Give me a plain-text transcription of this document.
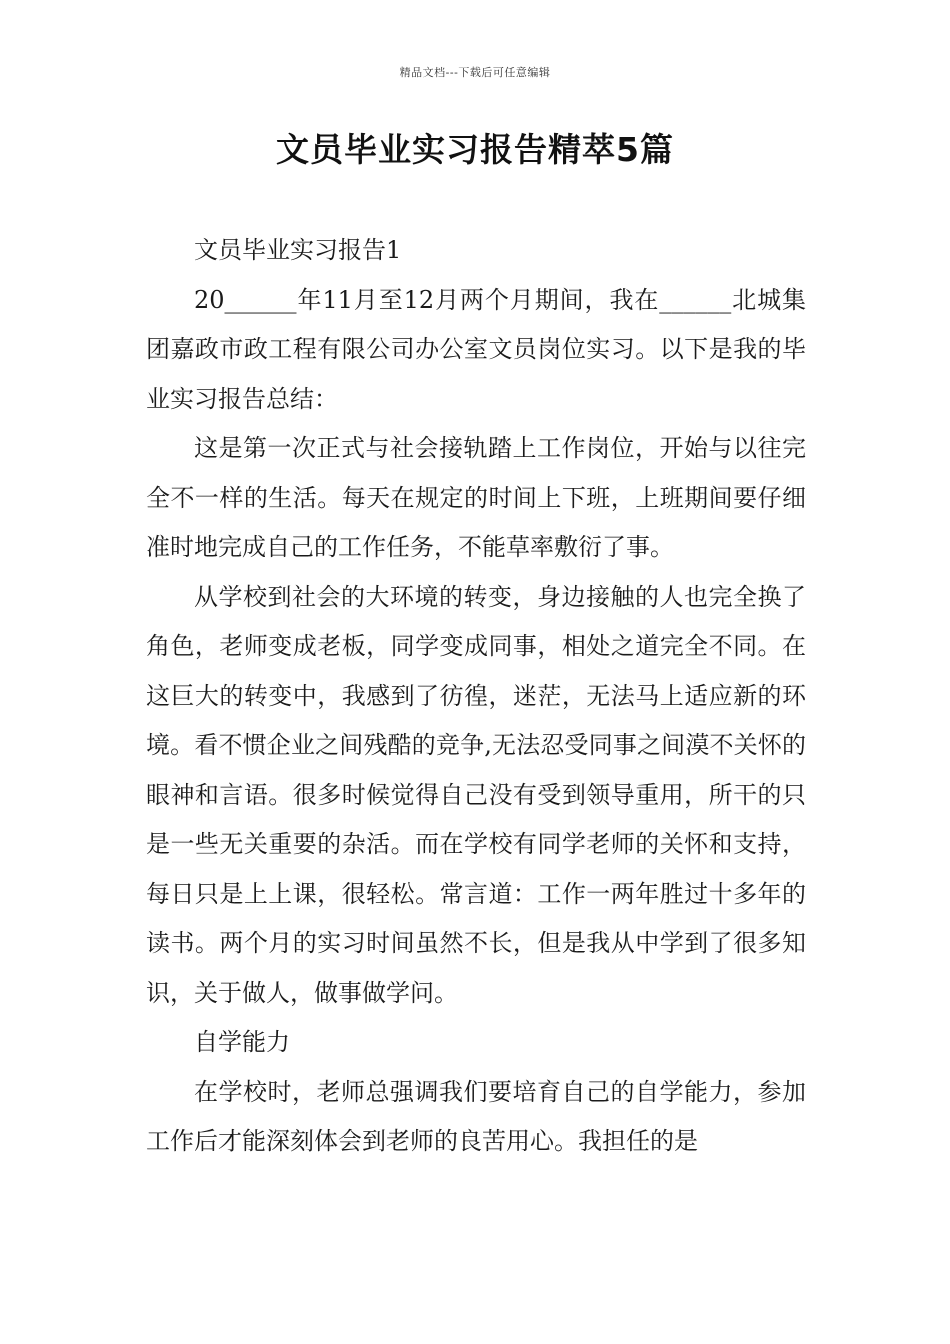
精品文档---下载后可任意编辑
文员毕业实习报告精萃5篇

文员毕业实习报告1

20______年11月至12月两个月期间，我在______北城集团嘉政市政工程有限公司办公室文员岗位实习。以下是我的毕业实习报告总结：

这是第一次正式与社会接轨踏上工作岗位，开始与以往完全不一样的生活。每天在规定的时间上下班，上班期间要仔细准时地完成自己的工作任务，不能草率敷衍了事。

从学校到社会的大环境的转变，身边接触的人也完全换了角色，老师变成老板，同学变成同事，相处之道完全不同。在这巨大的转变中，我感到了彷徨，迷茫，无法马上适应新的环境。看不惯企业之间残酷的竞争,无法忍受同事之间漠不关怀的眼神和言语。很多时候觉得自己没有受到领导重用，所干的只是一些无关重要的杂活。而在学校有同学老师的关怀和支持，每日只是上上课，很轻松。常言道：工作一两年胜过十多年的读书。两个月的实习时间虽然不长，但是我从中学到了很多知识，关于做人，做事做学问。

自学能力

在学校时，老师总强调我们要培育自己的自学能力，参加工作后才能深刻体会到老师的良苦用心。我担任的是
